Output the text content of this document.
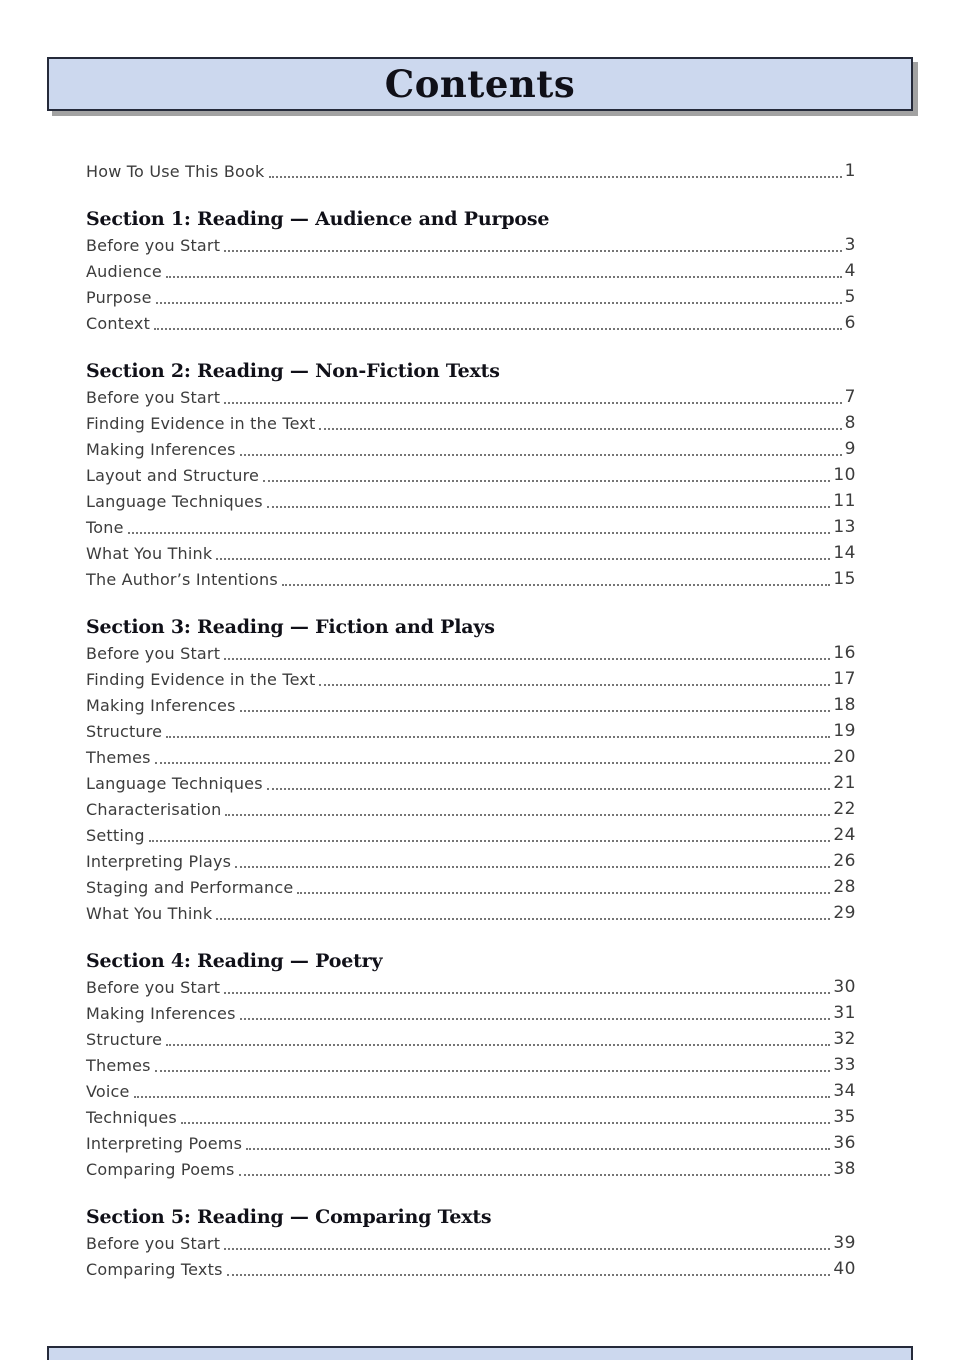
Contents
How To Use This Book	1
Section 1: Reading — Audience and Purpose
Before you Start	3
Audience	4
Purpose	5
Context	6
Section 2: Reading — Non-Fiction Texts
Before you Start	7
Finding Evidence in the Text	8
Making Inferences	9
Layout and Structure	10
Language Techniques	11
Tone	13
What You Think	14
The Author’s Intentions	15
Section 3: Reading — Fiction and Plays
Before you Start	16
Finding Evidence in the Text	17
Making Inferences	18
Structure	19
Themes	20
Language Techniques	21
Characterisation	22
Setting	24
Interpreting Plays	26
Staging and Performance	28
What You Think	29
Section 4: Reading — Poetry
Before you Start	30
Making Inferences	31
Structure	32
Themes	33
Voice	34
Techniques	35
Interpreting Poems	36
Comparing Poems	38
Section 5: Reading — Comparing Texts
Before you Start	39
Comparing Texts	40
